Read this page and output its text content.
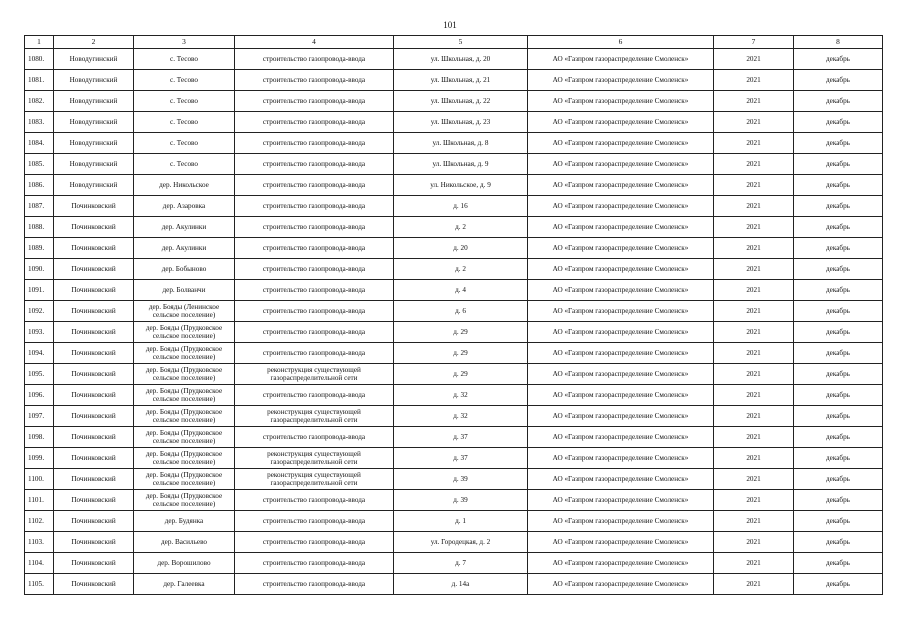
101
1	2	3	4	5	6	7	8
1080.	Новодугинский	с. Тесово	строительство газопровода-ввода	ул. Школьная, д. 20	АО «Газпром газораспределение Смоленск»	2021	декабрь
1081.	Новодугинский	с. Тесово	строительство газопровода-ввода	ул. Школьная, д. 21	АО «Газпром газораспределение Смоленск»	2021	декабрь
1082.	Новодугинский	с. Тесово	строительство газопровода-ввода	ул. Школьная, д. 22	АО «Газпром газораспределение Смоленск»	2021	декабрь
1083.	Новодугинский	с. Тесово	строительство газопровода-ввода	ул. Школьная, д. 23	АО «Газпром газораспределение Смоленск»	2021	декабрь
1084.	Новодугинский	с. Тесово	строительство газопровода-ввода	ул. Школьная, д. 8	АО «Газпром газораспределение Смоленск»	2021	декабрь
1085.	Новодугинский	с. Тесово	строительство газопровода-ввода	ул. Школьная, д. 9	АО «Газпром газораспределение Смоленск»	2021	декабрь
1086.	Новодугинский	дер. Никольское	строительство газопровода-ввода	ул. Никольское, д. 9	АО «Газпром газораспределение Смоленск»	2021	декабрь
1087.	Починковский	дер. Азаровка	строительство газопровода-ввода	д. 16	АО «Газпром газораспределение Смоленск»	2021	декабрь
1088.	Починковский	дер. Акулинки	строительство газопровода-ввода	д. 2	АО «Газпром газораспределение Смоленск»	2021	декабрь
1089.	Починковский	дер. Акулинки	строительство газопровода-ввода	д. 20	АО «Газпром газораспределение Смоленск»	2021	декабрь
1090.	Починковский	дер. Бобыново	строительство газопровода-ввода	д. 2	АО «Газпром газораспределение Смоленск»	2021	декабрь
1091.	Починковский	дер. Болванчи	строительство газопровода-ввода	д. 4	АО «Газпром газораспределение Смоленск»	2021	декабрь
1092.	Починковский	дер. Бояды (Ленинское сельское поселение)	строительство газопровода-ввода	д. 6	АО «Газпром газораспределение Смоленск»	2021	декабрь
1093.	Починковский	дер. Бояды (Прудковское сельское поселение)	строительство газопровода-ввода	д. 29	АО «Газпром газораспределение Смоленск»	2021	декабрь
1094.	Починковский	дер. Бояды (Прудковское сельское поселение)	строительство газопровода-ввода	д. 29	АО «Газпром газораспределение Смоленск»	2021	декабрь
1095.	Починковский	дер. Бояды (Прудковское сельское поселение)	реконструкция существующей газораспределительной сети	д. 29	АО «Газпром газораспределение Смоленск»	2021	декабрь
1096.	Починковский	дер. Бояды (Прудковское сельское поселение)	строительство газопровода-ввода	д. 32	АО «Газпром газораспределение Смоленск»	2021	декабрь
1097.	Починковский	дер. Бояды (Прудковское сельское поселение)	реконструкция существующей газораспределительной сети	д. 32	АО «Газпром газораспределение Смоленск»	2021	декабрь
1098.	Починковский	дер. Бояды (Прудковское сельское поселение)	строительство газопровода-ввода	д. 37	АО «Газпром газораспределение Смоленск»	2021	декабрь
1099.	Починковский	дер. Бояды (Прудковское сельское поселение)	реконструкция существующей газораспределительной сети	д. 37	АО «Газпром газораспределение Смоленск»	2021	декабрь
1100.	Починковский	дер. Бояды (Прудковское сельское поселение)	реконструкция существующей газораспределительной сети	д. 39	АО «Газпром газораспределение Смоленск»	2021	декабрь
1101.	Починковский	дер. Бояды (Прудковское сельское поселение)	строительство газопровода-ввода	д. 39	АО «Газпром газораспределение Смоленск»	2021	декабрь
1102.	Починковский	дер. Будянка	строительство газопровода-ввода	д. 1	АО «Газпром газораспределение Смоленск»	2021	декабрь
1103.	Починковский	дер. Васильево	строительство газопровода-ввода	ул. Городецкая, д. 2	АО «Газпром газораспределение Смоленск»	2021	декабрь
1104.	Починковский	дер. Ворошилово	строительство газопровода-ввода	д. 7	АО «Газпром газораспределение Смоленск»	2021	декабрь
1105.	Починковский	дер. Галеевка	строительство газопровода-ввода	д. 14а	АО «Газпром газораспределение Смоленск»	2021	декабрь
